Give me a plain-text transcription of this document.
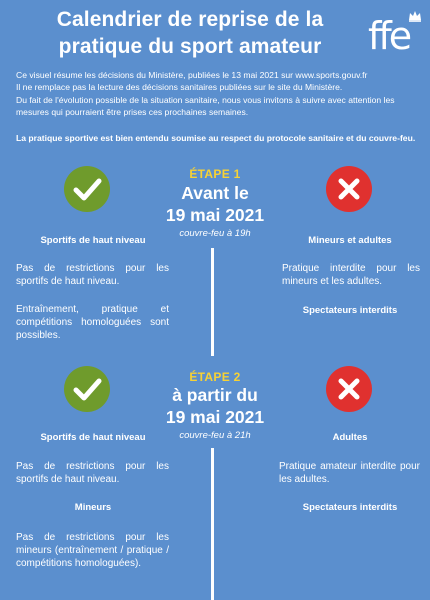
Calendrier de reprise de la
pratique du sport amateur	ffe

Ce visuel résume les décisions du Ministère, publiées le 13 mai 2021 sur www.sports.gouv.fr

Il ne remplace pas la lecture des décisions sanitaires publiées sur le site du Ministère.

Du fait de l'évolution possible de la situation sanitaire, nous vous invitons à suivre avec attention les mesures qui pourraient être prises ces prochaines semaines.

La pratique sportive est bien entendu soumise au respect du protocole sanitaire et du couvre-feu.
ÉTAPE 1
Avant le
19 mai 2021
couvre-feu à 19h
Sportifs de haut niveau	Mineurs et adultes
Pas de restrictions pour les sportifs de haut niveau.
Entraînement, pratique et compétitions homologuées sont possibles.
Pratique interdite pour les mineurs et les adultes.
Spectateurs interdits
ÉTAPE 2
à partir du
19 mai 2021
couvre-feu à 21h
Sportifs de haut niveau	Adultes
Pas de restrictions pour les sportifs de haut niveau.
Mineurs
Pas de restrictions pour les mineurs (entraînement / pratique / compétitions homologuées).
Pratique amateur interdite pour les adultes.
Spectateurs interdits
